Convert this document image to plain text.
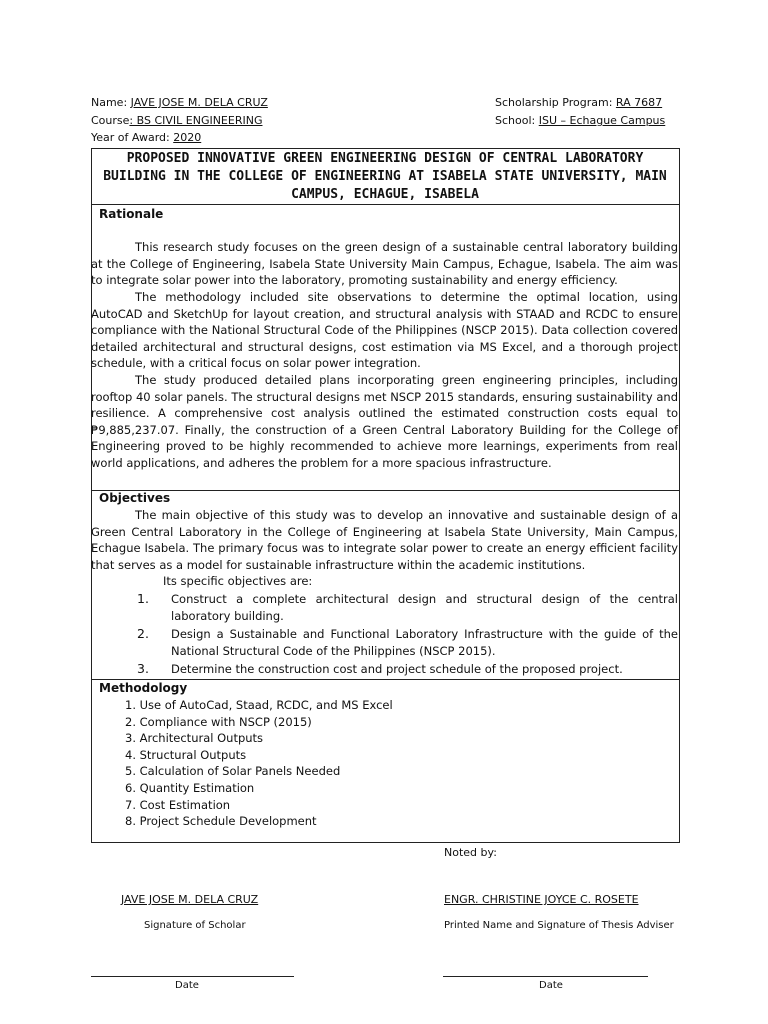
Name: JAVE JOSE M. DELA CRUZ
Course: BS CIVIL ENGINEERING
Year of Award: 2020
Scholarship Program: RA 7687
School: ISU – Echague Campus
PROPOSED INNOVATIVE GREEN ENGINEERING DESIGN OF CENTRAL LABORATORY BUILDING IN THE COLLEGE OF ENGINEERING AT ISABELA STATE UNIVERSITY, MAIN CAMPUS, ECHAGUE, ISABELA
Rationale
This research study focuses on the green design of a sustainable central laboratory building at the College of Engineering, Isabela State University Main Campus, Echague, Isabela. The aim was to integrate solar power into the laboratory, promoting sustainability and energy efficiency.
The methodology included site observations to determine the optimal location, using AutoCAD and SketchUp for layout creation, and structural analysis with STAAD and RCDC to ensure compliance with the National Structural Code of the Philippines (NSCP 2015). Data collection covered detailed architectural and structural designs, cost estimation via MS Excel, and a thorough project schedule, with a critical focus on solar power integration.
The study produced detailed plans incorporating green engineering principles, including rooftop 40 solar panels. The structural designs met NSCP 2015 standards, ensuring sustainability and resilience. A comprehensive cost analysis outlined the estimated construction costs equal to ₱9,885,237.07. Finally, the construction of a Green Central Laboratory Building for the College of Engineering proved to be highly recommended to achieve more learnings, experiments from real world applications, and adheres the problem for a more spacious infrastructure.
Objectives
The main objective of this study was to develop an innovative and sustainable design of a Green Central Laboratory in the College of Engineering at Isabela State University, Main Campus, Echague Isabela. The primary focus was to integrate solar power to create an energy efficient facility that serves as a model for sustainable infrastructure within the academic institutions.
Its specific objectives are:
1. Construct a complete architectural design and structural design of the central laboratory building.
2. Design a Sustainable and Functional Laboratory Infrastructure with the guide of the National Structural Code of the Philippines (NSCP 2015).
3. Determine the construction cost and project schedule of the proposed project.
Methodology
1. Use of AutoCad, Staad, RCDC, and MS Excel
2. Compliance with NSCP (2015)
3. Architectural Outputs
4. Structural Outputs
5. Calculation of Solar Panels Needed
6. Quantity Estimation
7. Cost Estimation
8. Project Schedule Development
Noted by:
JAVE JOSE M. DELA CRUZ
Signature of Scholar
ENGR. CHRISTINE JOYCE C. ROSETE
Printed Name and Signature of Thesis Adviser
Date	Date
